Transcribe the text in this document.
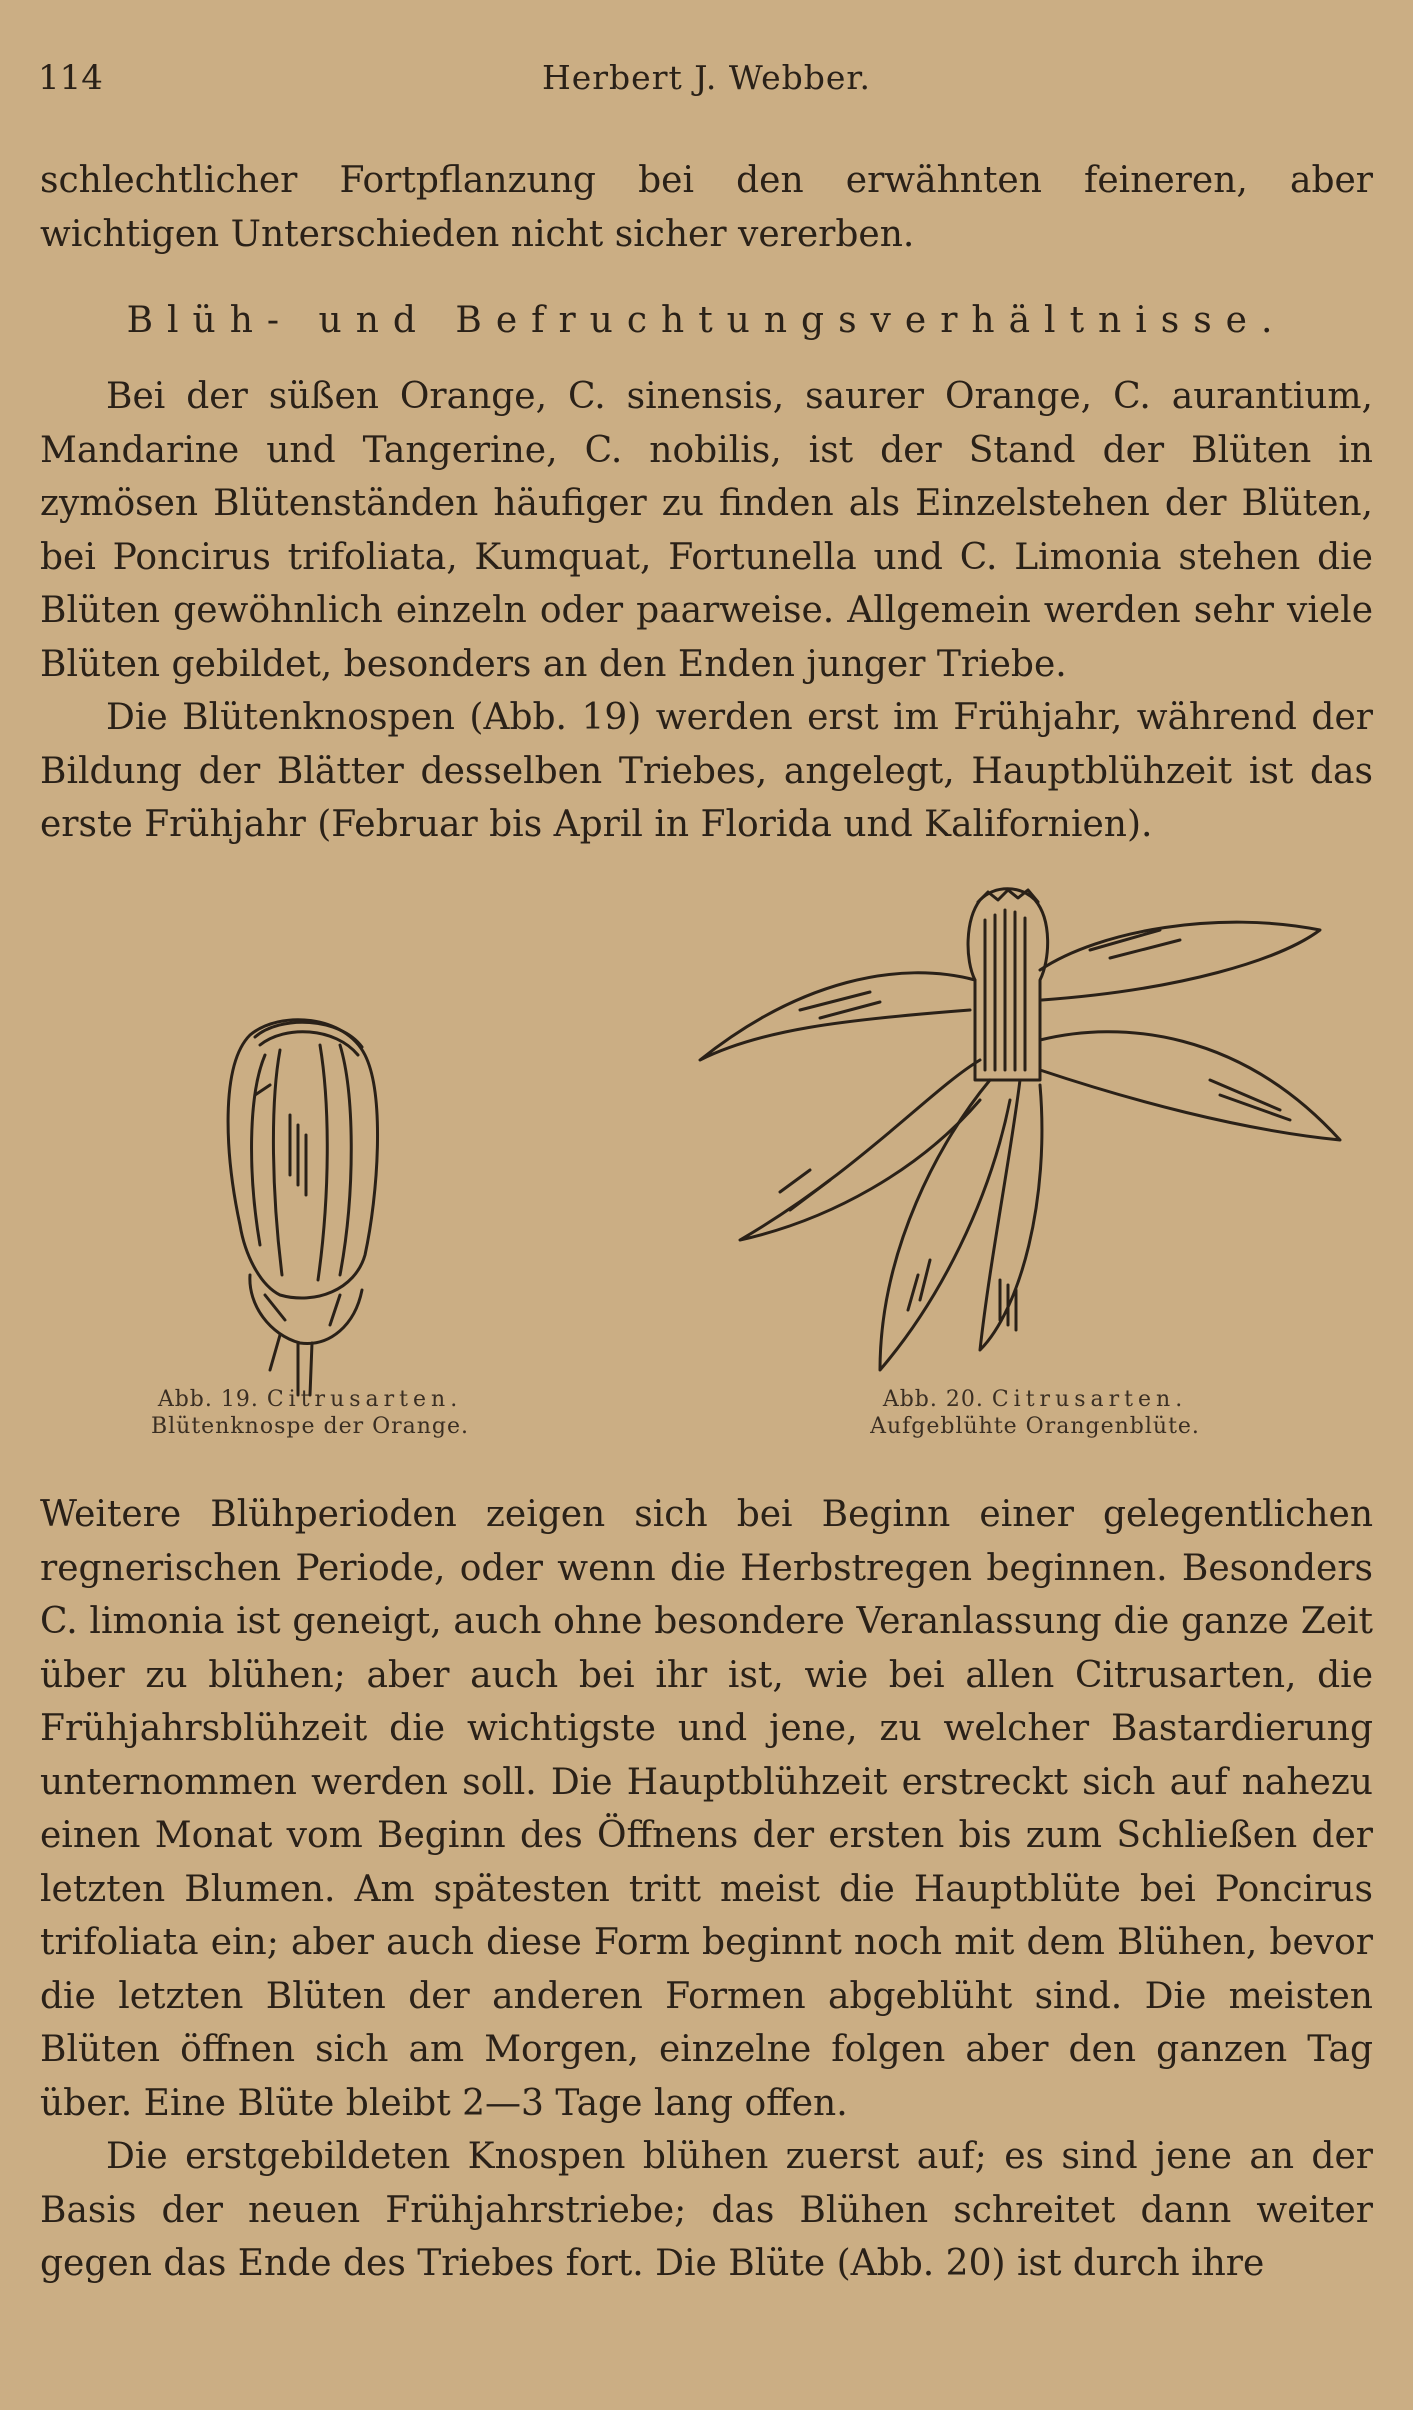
114	Herbert J. Webber.

schlechtlicher Fortpflanzung bei den erwähnten feineren, aber wichtigen Unterschieden nicht sicher vererben.

Blüh- und Befruchtungsverhältnisse.

Bei der süßen Orange, C. sinensis, saurer Orange, C. aurantium, Mandarine und Tangerine, C. nobilis, ist der Stand der Blüten in zymösen Blütenständen häufiger zu finden als Einzelstehen der Blüten, bei Poncirus trifoliata, Kumquat, Fortunella und C. Limonia stehen die Blüten gewöhnlich einzeln oder paarweise. Allgemein werden sehr viele Blüten gebildet, besonders an den Enden junger Triebe.

Die Blütenknospen (Abb. 19) werden erst im Frühjahr, während der Bildung der Blätter desselben Triebes, angelegt, Hauptblühzeit ist das erste Frühjahr (Februar bis April in Florida und Kalifornien).

Abb. 19. Citrusarten.
Blütenknospe der Orange.
Abb. 20. Citrusarten.
Aufgeblühte Orangenblüte.

Weitere Blühperioden zeigen sich bei Beginn einer gelegentlichen regnerischen Periode, oder wenn die Herbstregen beginnen. Besonders C. limonia ist geneigt, auch ohne besondere Veranlassung die ganze Zeit über zu blühen; aber auch bei ihr ist, wie bei allen Citrusarten, die Frühjahrsblühzeit die wichtigste und jene, zu welcher Bastardierung unternommen werden soll. Die Hauptblühzeit erstreckt sich auf nahezu einen Monat vom Beginn des Öffnens der ersten bis zum Schließen der letzten Blumen. Am spätesten tritt meist die Hauptblüte bei Poncirus trifoliata ein; aber auch diese Form beginnt noch mit dem Blühen, bevor die letzten Blüten der anderen Formen abgeblüht sind. Die meisten Blüten öffnen sich am Morgen, einzelne folgen aber den ganzen Tag über. Eine Blüte bleibt 2—3 Tage lang offen.

Die erstgebildeten Knospen blühen zuerst auf; es sind jene an der Basis der neuen Frühjahrstriebe; das Blühen schreitet dann weiter gegen das Ende des Triebes fort. Die Blüte (Abb. 20) ist durch ihre
